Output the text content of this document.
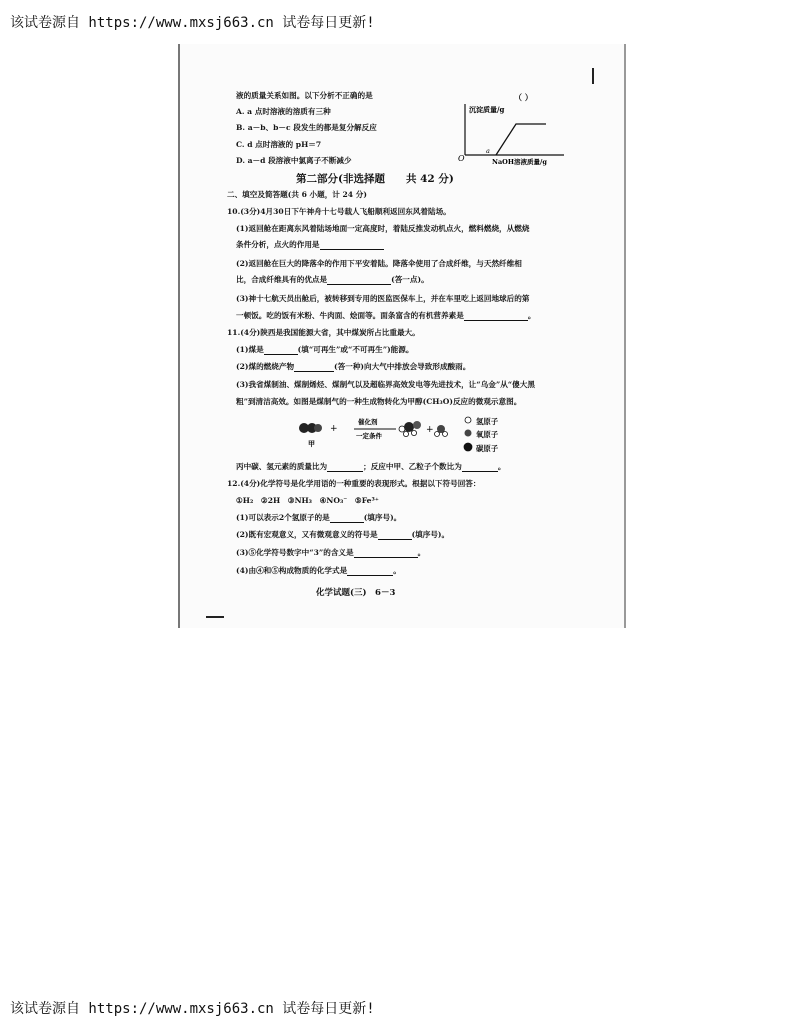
该试卷源自 https://www.mxsj663.cn 试卷每日更新!
液的质量关系如图。以下分析不正确的是	（ ）
A. a 点时溶液的溶质有三种
B. a－b、b－c 段发生的都是复分解反应
C. d 点时溶液的 pH＝7
D. a－d 段溶液中氯离子不断减少
沉淀质量/g
O
a
NaOH溶液质量/g
第二部分(非选择题　　共 42 分)
二、填空及简答题(共 6 小题，计 24 分)
10.(3分)4月30日下午神舟十七号载人飞船顺利返回东风着陆场。
(1)返回舱在距离东风着陆场地面一定高度时，着陆反推发动机点火，燃料燃烧，从燃烧
条件分析，点火的作用是
(2)返回舱在巨大的降落伞的作用下平安着陆。降落伞使用了合成纤维，与天然纤维相
比，合成纤维具有的优点是	(答一点)。
(3)神十七航天员出舱后，被转移到专用的医监医保车上，并在车里吃上返回地球后的第
一顿饭。吃的饭有米粉、牛肉面、烩面等。面条富含的有机营养素是	。
11.(4分)陕西是我国能源大省，其中煤炭所占比重最大。
(1)煤是	(填“可再生”或“不可再生”)能源。
(2)煤的燃烧产物	(答一种)向大气中排放会导致形成酸雨。
(3)我省煤制油、煤制烯烃、煤制气以及超临界高效发电等先进技术，让“乌金”从“傻大黑
粗”到清洁高效。如图是煤制气的一种生成物转化为甲醇(CH₃O)反应的微观示意图。
甲
+
催化剂
一定条件
+
氢原子
氧原子
碳原子
丙中碳、氢元素的质量比为	；反应中甲、乙粒子个数比为	。
12.(4分)化学符号是化学用语的一种重要的表现形式。根据以下符号回答：
①H₂　②2H　③NH₃　④NO₃⁻　⑤Fe³⁺
(1)可以表示2个氢原子的是	(填序号)。
(2)既有宏观意义，又有微观意义的符号是	(填序号)。
(3)⑤化学符号数字中“3”的含义是	。
(4)由④和⑤构成物质的化学式是	。
化学试题(三)　6－3
该试卷源自 https://www.mxsj663.cn 试卷每日更新!
